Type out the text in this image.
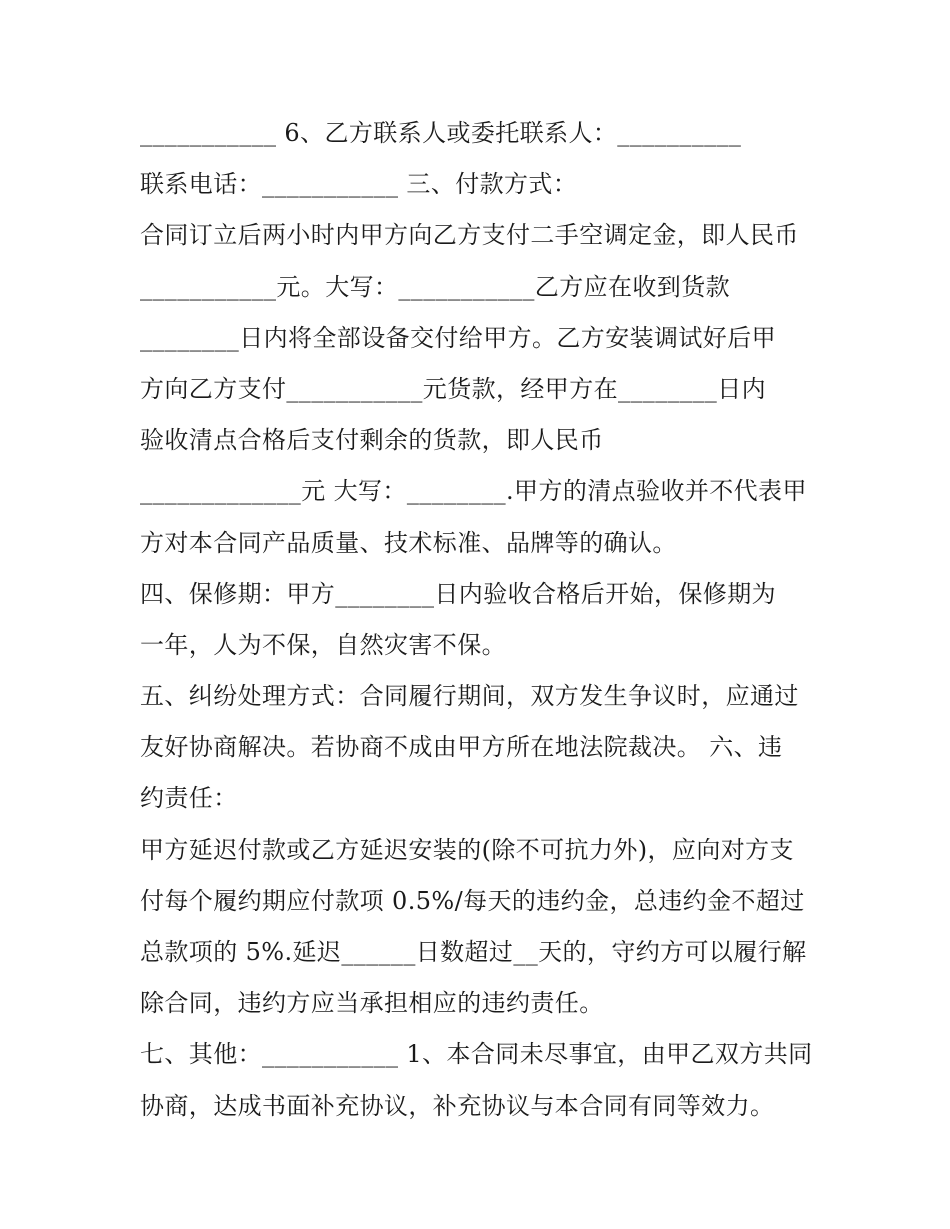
___________ 6、乙方联系人或委托联系人：__________
联系电话：___________ 三、付款方式：
合同订立后两小时内甲方向乙方支付二手空调定金，即人民币
___________元。大写：___________乙方应在收到货款
________日内将全部设备交付给甲方。乙方安装调试好后甲
方向乙方支付___________元货款，经甲方在________日内
验收清点合格后支付剩余的货款，即人民币
_____________元 大写：________.甲方的清点验收并不代表甲
方对本合同产品质量、技术标准、品牌等的确认。
四、保修期：甲方________日内验收合格后开始，保修期为
一年，人为不保，自然灾害不保。
五、纠纷处理方式：合同履行期间，双方发生争议时，应通过
友好协商解决。若协商不成由甲方所在地法院裁决。 六、违
约责任：
甲方延迟付款或乙方延迟安装的(除不可抗力外)，应向对方支
付每个履约期应付款项 0.5%/每天的违约金，总违约金不超过
总款项的 5%.延迟______日数超过__天的，守约方可以履行解
除合同，违约方应当承担相应的违约责任。
七、其他：___________ 1、本合同未尽事宜，由甲乙双方共同
协商，达成书面补充协议，补充协议与本合同有同等效力。
